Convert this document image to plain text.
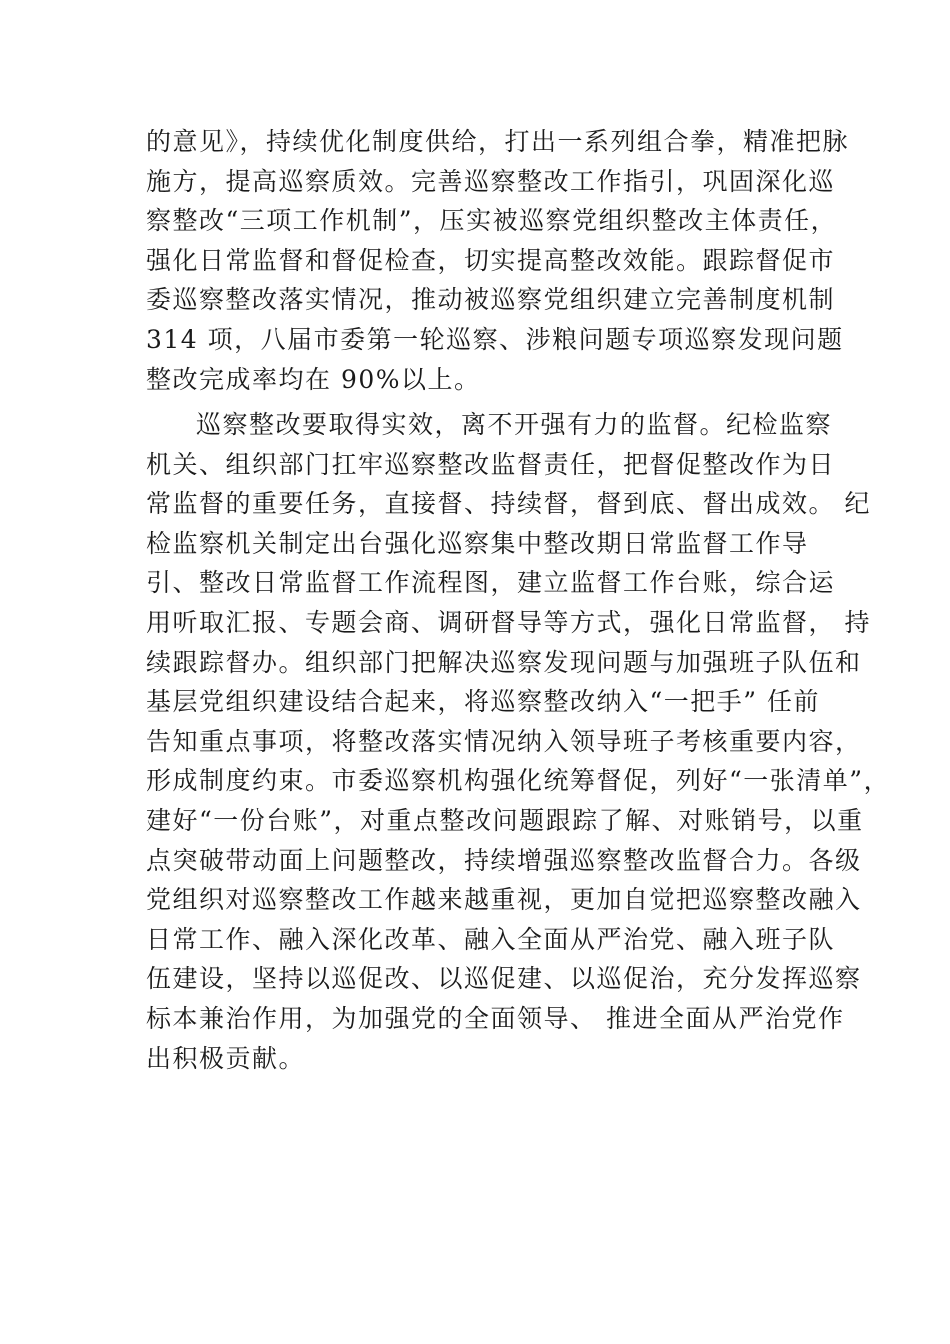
的意见》，持续优化制度供给，打出一系列组合拳，精准把脉
施方，提高巡察质效。完善巡察整改工作指引，巩固深化巡
察整改“三项工作机制”，压实被巡察党组织整改主体责任，
强化日常监督和督促检查，切实提高整改效能。跟踪督促市
委巡察整改落实情况，推动被巡察党组织建立完善制度机制
314 项，八届市委第一轮巡察、涉粮问题专项巡察发现问题
整改完成率均在 90%以上。
巡察整改要取得实效，离不开强有力的监督。纪检监察
机关、组织部门扛牢巡察整改监督责任，把督促整改作为日
常监督的重要任务，直接督、持续督，督到底、督出成效。 纪
检监察机关制定出台强化巡察集中整改期日常监督工作导
引、整改日常监督工作流程图，建立监督工作台账，综合运
用听取汇报、专题会商、调研督导等方式，强化日常监督， 持
续跟踪督办。组织部门把解决巡察发现问题与加强班子队伍和
基层党组织建设结合起来，将巡察整改纳入“一把手” 任前
告知重点事项，将整改落实情况纳入领导班子考核重要内容，
形成制度约束。市委巡察机构强化统筹督促，列好“一张清单”，
建好“一份台账”，对重点整改问题跟踪了解、对账销号，以重
点突破带动面上问题整改，持续增强巡察整改监督合力。各级
党组织对巡察整改工作越来越重视，更加自觉把巡察整改融入
日常工作、融入深化改革、融入全面从严治党、融入班子队
伍建设，坚持以巡促改、以巡促建、以巡促治，充分发挥巡察
标本兼治作用，为加强党的全面领导、 推进全面从严治党作
出积极贡献。
